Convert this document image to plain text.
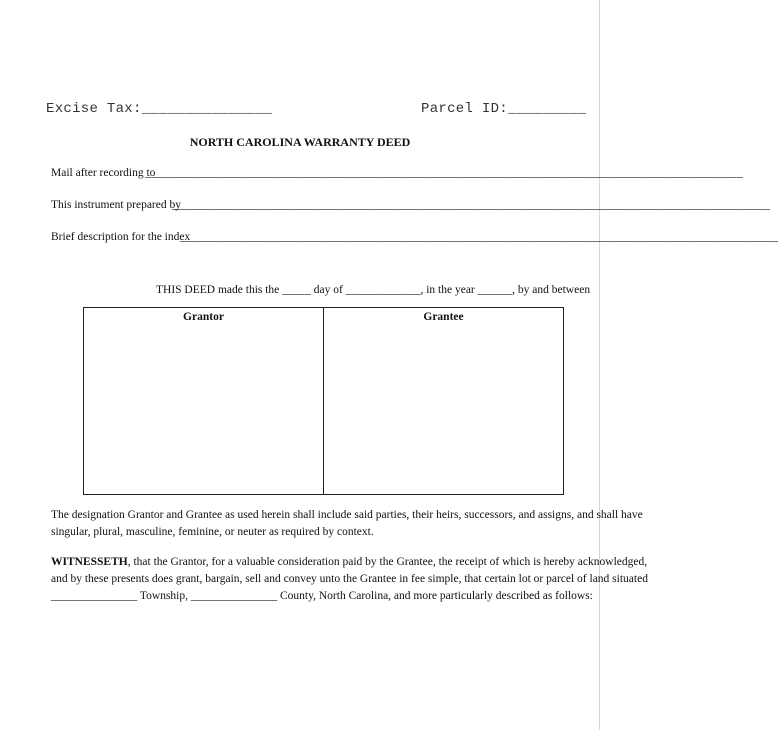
Excise Tax:_______________	Parcel ID:_________
NORTH CAROLINA WARRANTY DEED
Mail after recording to
________________________________________________________________________________________________________
This instrument prepared by
________________________________________________________________________________________________________
Brief description for the index
________________________________________________________________________________________________________
THIS DEED made this the _____ day of _____________, in the year ______, by and between
Grantor	Grantee
The designation Grantor and Grantee as used herein shall include said parties, their heirs, successors, and assigns, and shall have
singular, plural, masculine, feminine, or neuter as required by context.
WITNESSETH, that the Grantor, for a valuable consideration paid by the Grantee, the receipt of which is hereby acknowledged,
and by these presents does grant, bargain, sell and convey unto the Grantee in fee simple, that certain lot or parcel of land situated
_______________ Township, _______________ County, North Carolina, and more particularly described as follows:
